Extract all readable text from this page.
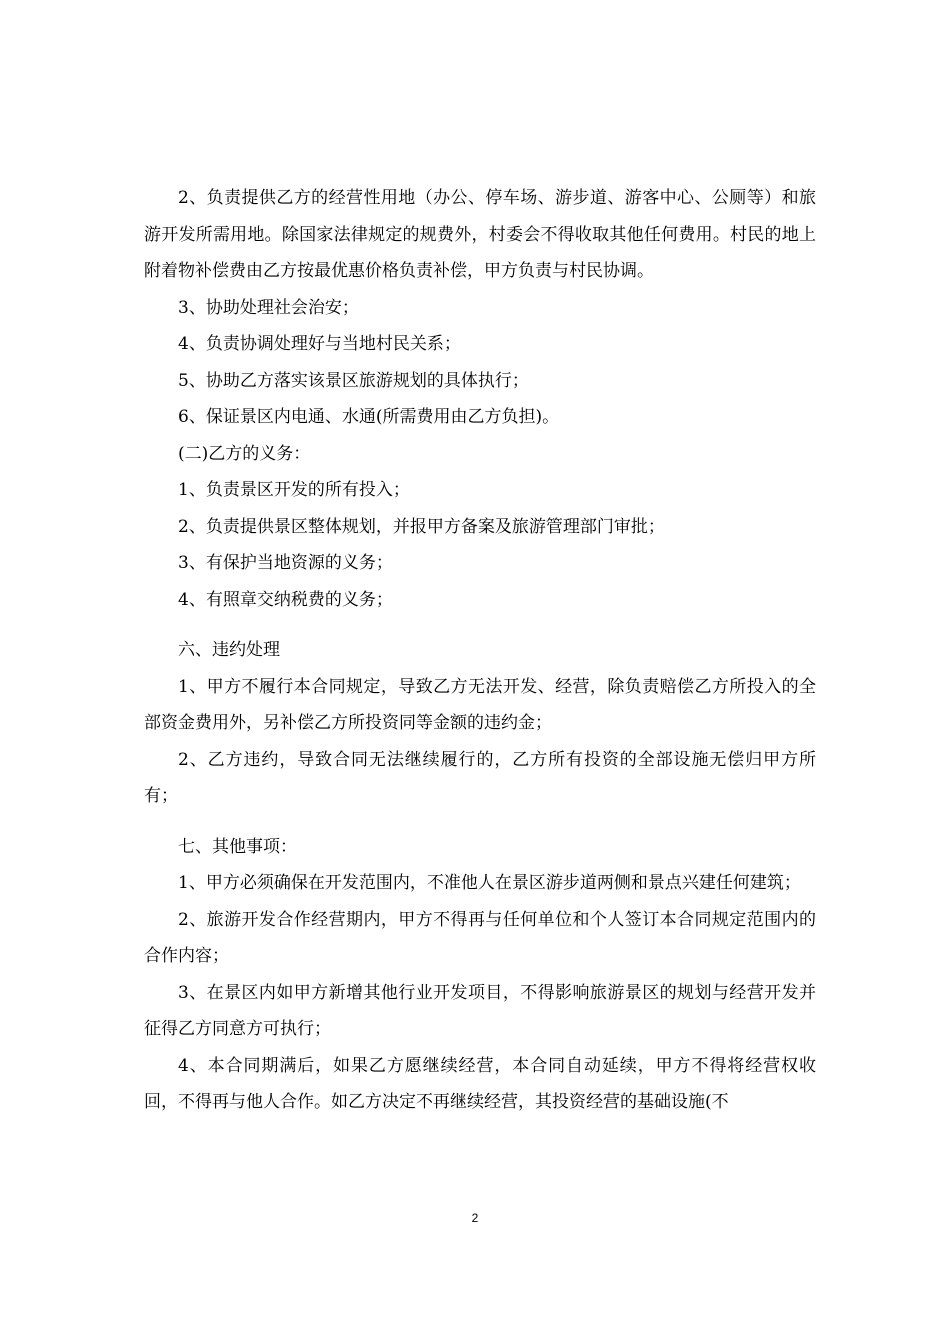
2、负责提供乙方的经营性用地（办公、停车场、游步道、游客中心、公厕等）和旅游开发所需用地。除国家法律规定的规费外，村委会不得收取其他任何费用。村民的地上附着物补偿费由乙方按最优惠价格负责补偿，甲方负责与村民协调。

3、协助处理社会治安；

4、负责协调处理好与当地村民关系；

5、协助乙方落实该景区旅游规划的具体执行；

6、保证景区内电通、水通(所需费用由乙方负担)。

(二)乙方的义务：

1、负责景区开发的所有投入；

2、负责提供景区整体规划，并报甲方备案及旅游管理部门审批；

3、有保护当地资源的义务；

4、有照章交纳税费的义务；

六、违约处理

1、甲方不履行本合同规定，导致乙方无法开发、经营，除负责赔偿乙方所投入的全部资金费用外，另补偿乙方所投资同等金额的违约金；

2、乙方违约，导致合同无法继续履行的，乙方所有投资的全部设施无偿归甲方所有；

七、其他事项：

1、甲方必须确保在开发范围内，不准他人在景区游步道两侧和景点兴建任何建筑；

2、旅游开发合作经营期内，甲方不得再与任何单位和个人签订本合同规定范围内的合作内容；

3、在景区内如甲方新增其他行业开发项目，不得影响旅游景区的规划与经营开发并征得乙方同意方可执行；

4、本合同期满后，如果乙方愿继续经营，本合同自动延续，甲方不得将经营权收回，不得再与他人合作。如乙方决定不再继续经营，其投资经营的基础设施(不

2
